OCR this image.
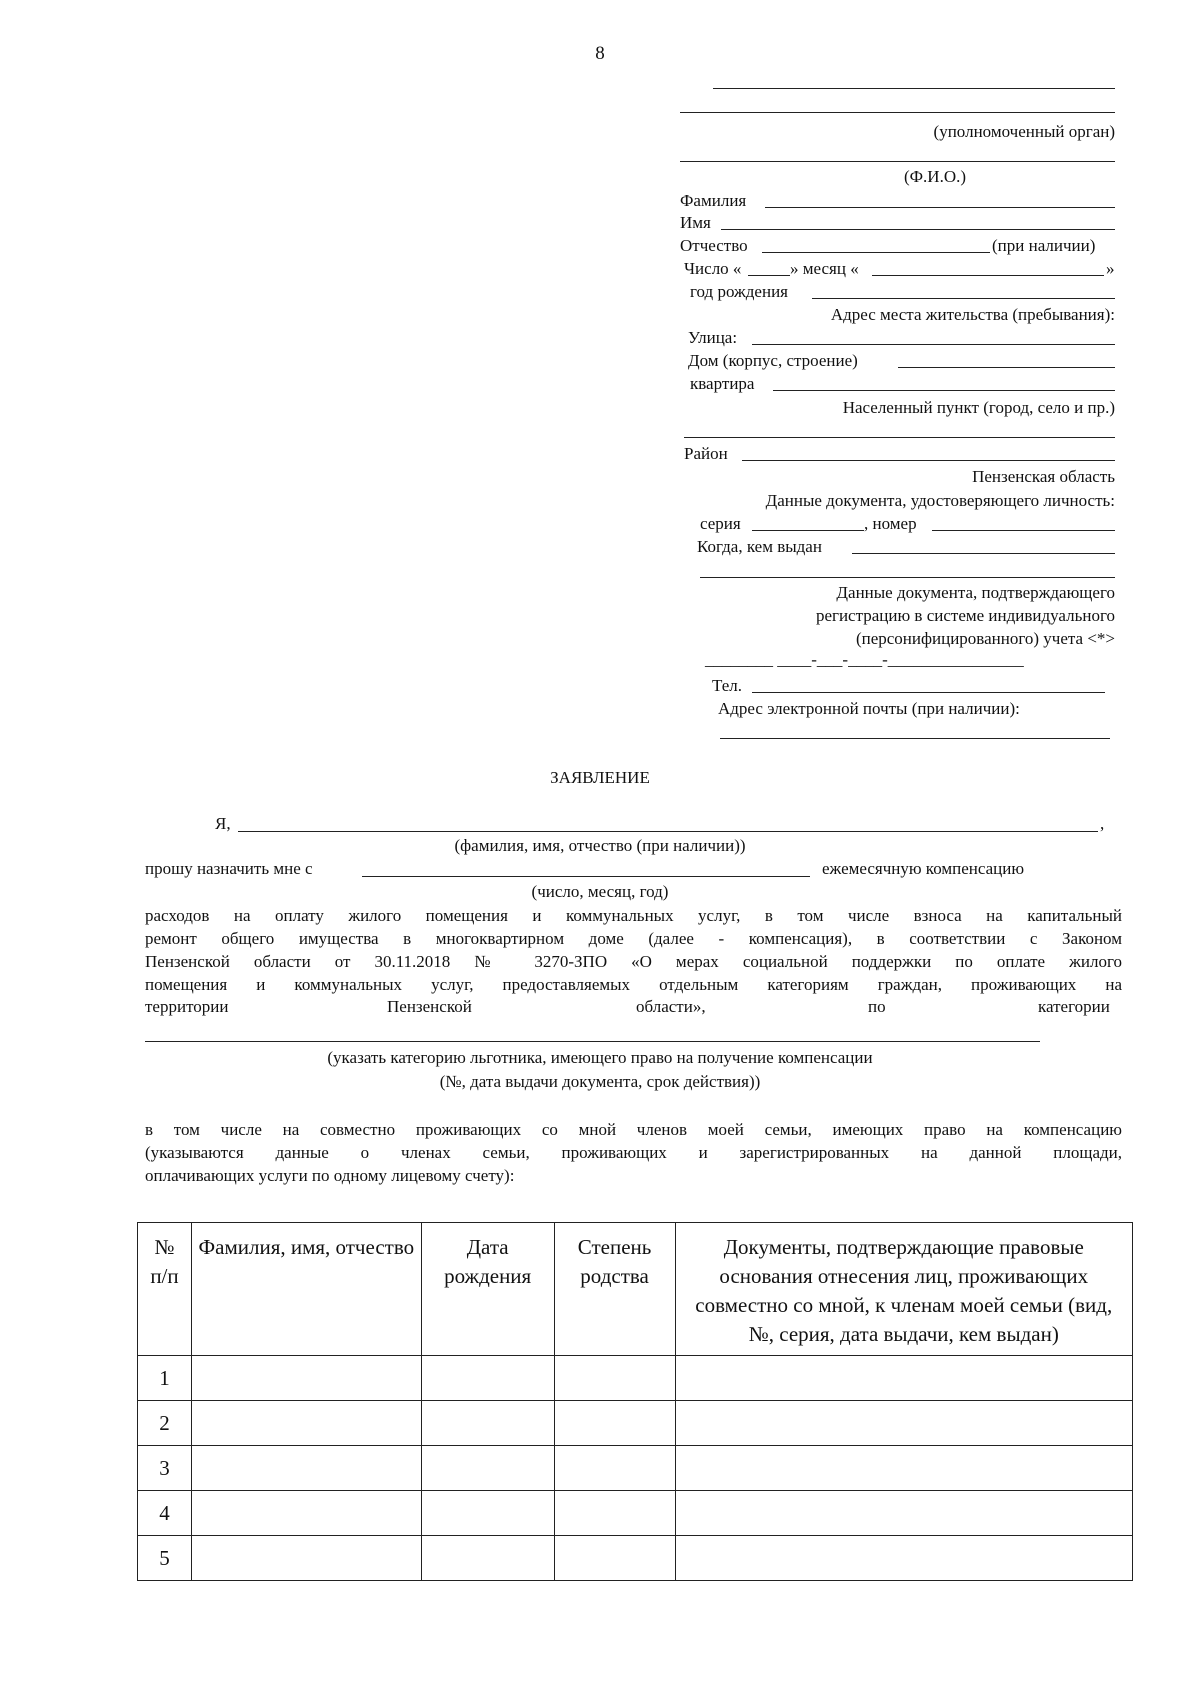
8
(уполномоченный орган)
(Ф.И.О.)
Фамилия
Имя
Отчество	(при наличии)
Число «	» месяц «	»
год рождения
Адрес места жительства (пребывания):
Улица:
Дом (корпус, строение)
квартира
Населенный пункт (город, село и пр.)
Район
Пензенская область
Данные документа, удостоверяющего личность:
серия	, номер
Когда, кем выдан
Данные документа, подтверждающего
регистрацию в системе индивидуального
(персонифицированного) учета <*>
________ ____-___-____-________________
Тел.
Адрес электронной почты (при наличии):
ЗАЯВЛЕНИЕ
Я,	,
(фамилия, имя, отчество (при наличии))
прошу назначить мне с	ежемесячную компенсацию
(число, месяц, год)
расходов на оплату жилого помещения и коммунальных услуг, в том числе взноса на капитальный
ремонт общего имущества в многоквартирном доме (далее - компенсация), в соответствии с Законом
Пензенской области от 30.11.2018 № 3270-ЗПО «О мерах социальной поддержки по оплате жилого
помещения и коммунальных услуг, предоставляемых отдельным категориям граждан, проживающих на
территории	Пензенской	области»,	по	категории
(указать категорию льготника, имеющего право на получение компенсации
(№, дата выдачи документа, срок действия))
в том числе на совместно проживающих со мной членов моей семьи, имеющих право на компенсацию
(указываются данные о членах семьи, проживающих и зарегистрированных на данной площади,
оплачивающих услуги по одному лицевому счету):
№ п/п	Фамилия, имя, отчество	Дата рождения	Степень родства	Документы, подтверждающие правовые основания отнесения лиц, проживающих совместно со мной, к членам моей семьи (вид, №, серия, дата выдачи, кем выдан)
1				
2				
3				
4				
5				
